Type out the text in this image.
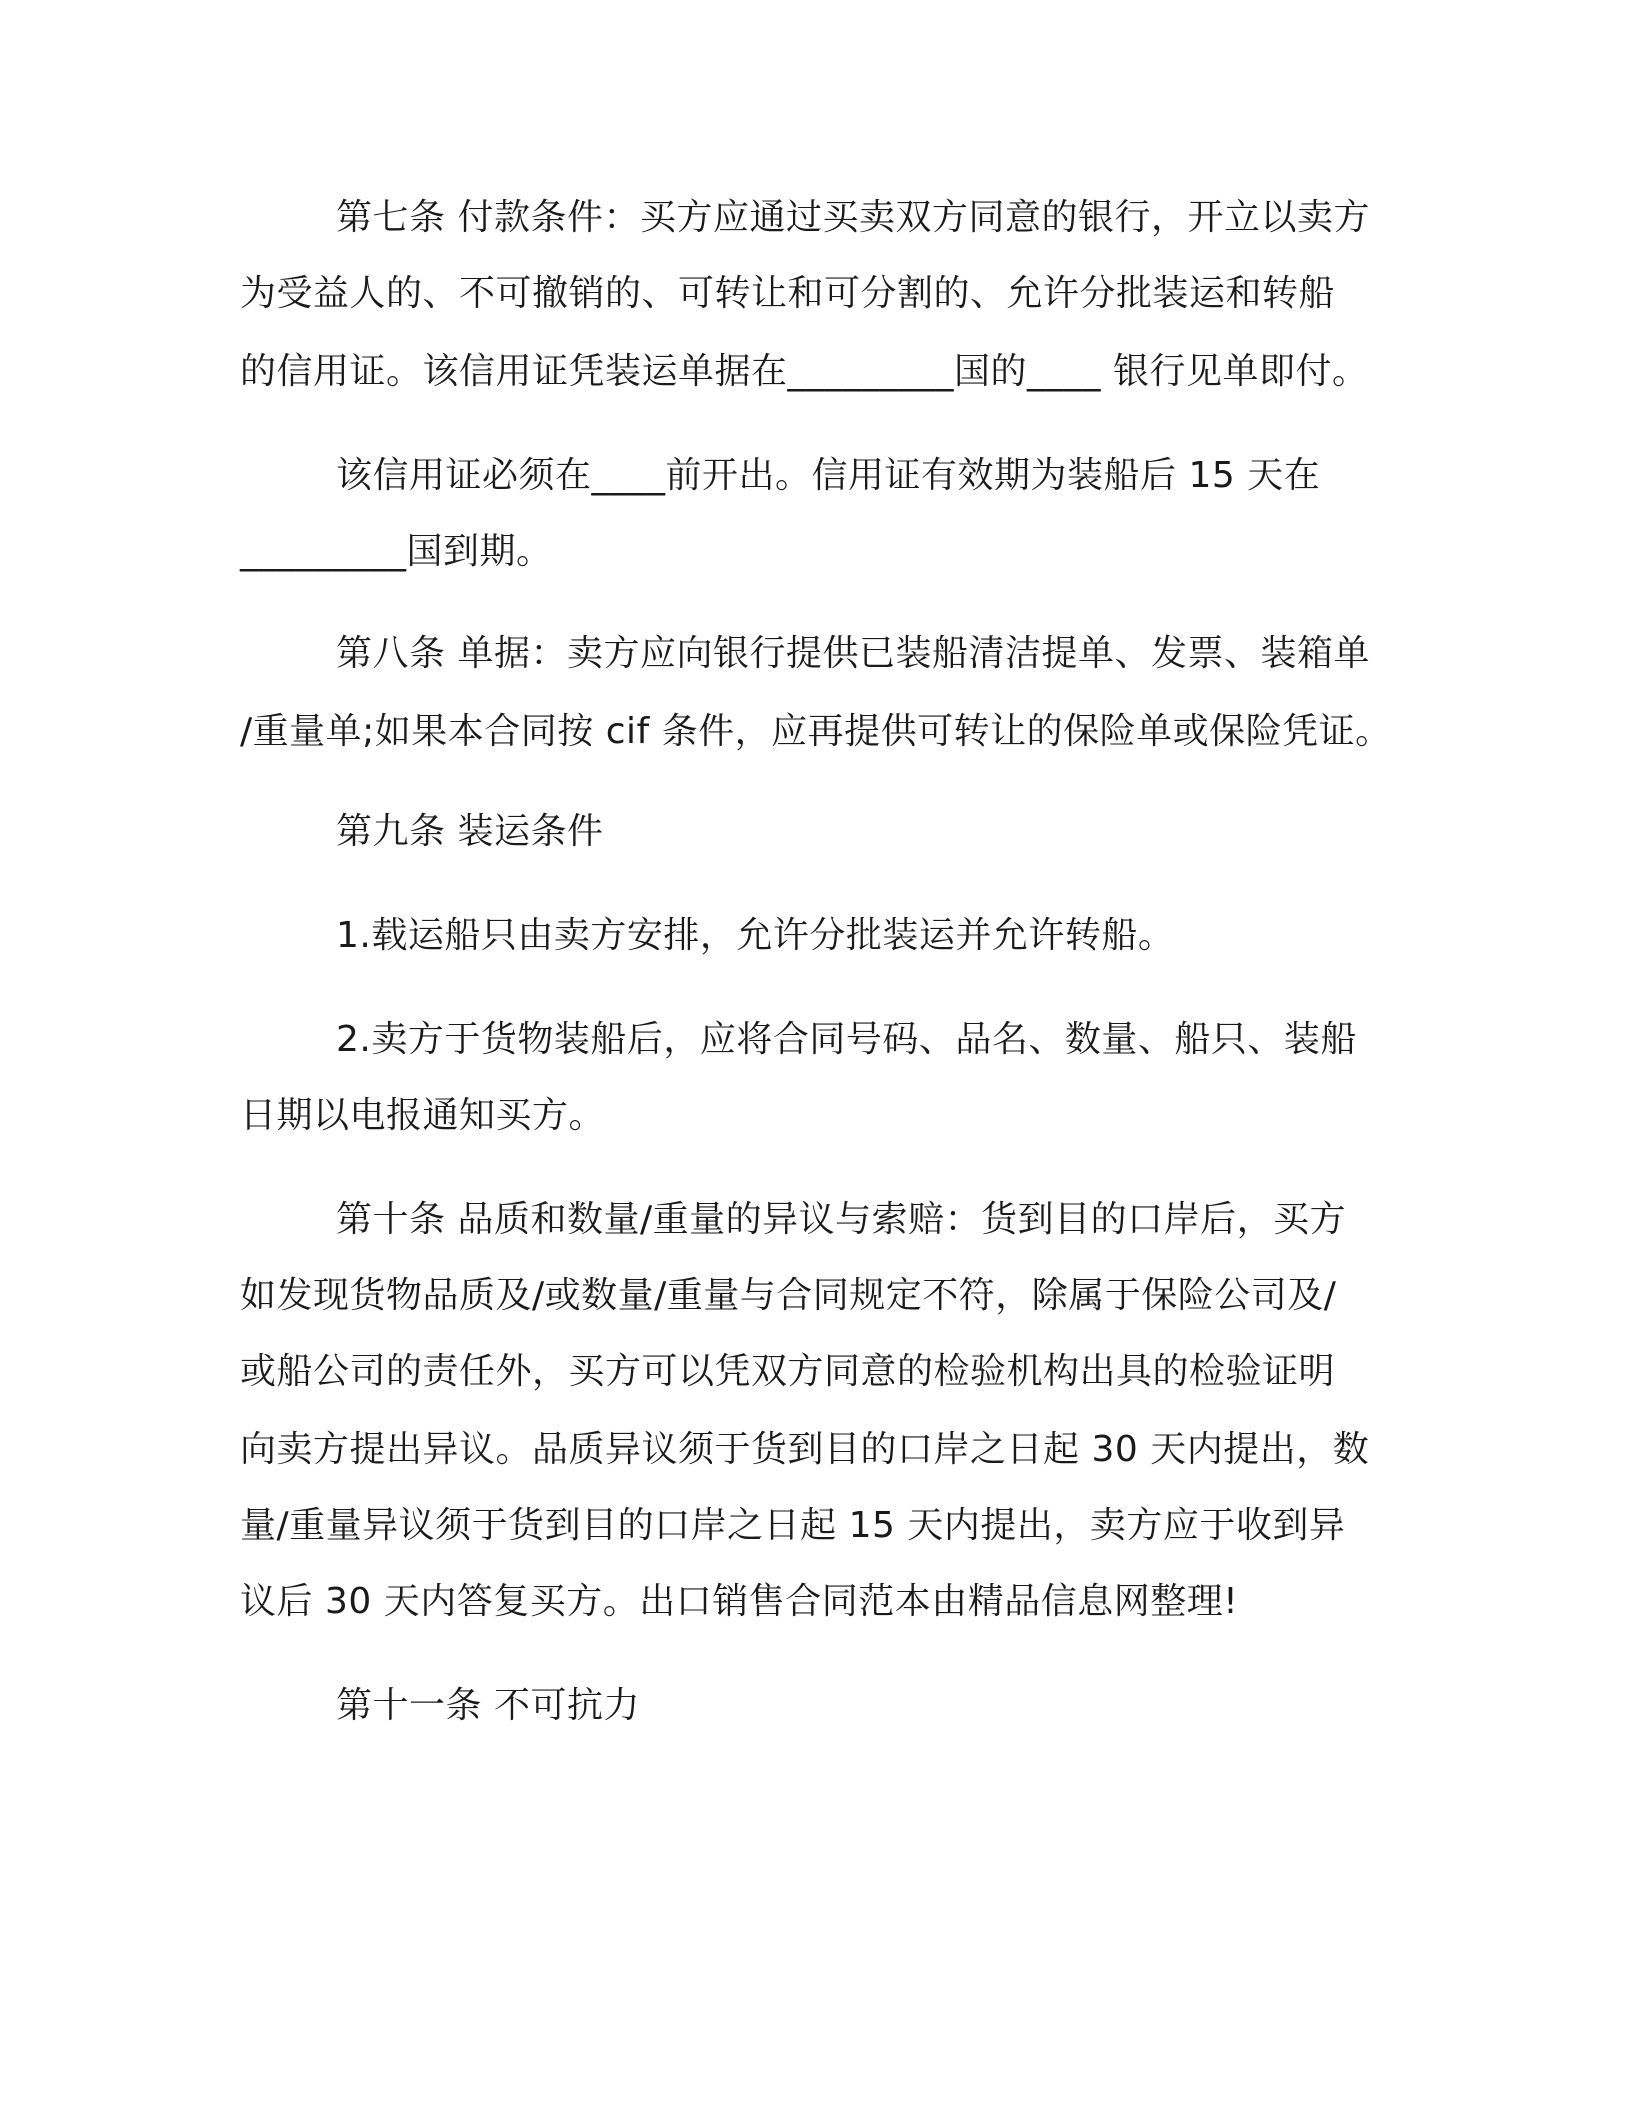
第七条 付款条件：买方应通过买卖双方同意的银行，开立以卖方
为受益人的、不可撤销的、可转让和可分割的、允许分批装运和转船
的信用证。该信用证凭装运单据在_________国的____ 银行见单即付。
该信用证必须在____前开出。信用证有效期为装船后 15 天在
_________国到期。
第八条 单据：卖方应向银行提供已装船清洁提单、发票、装箱单
/重量单;如果本合同按 cif 条件，应再提供可转让的保险单或保险凭证。
第九条 装运条件
1.载运船只由卖方安排，允许分批装运并允许转船。
2.卖方于货物装船后，应将合同号码、品名、数量、船只、装船
日期以电报通知买方。
第十条 品质和数量/重量的异议与索赔：货到目的口岸后，买方
如发现货物品质及/或数量/重量与合同规定不符，除属于保险公司及/
或船公司的责任外，买方可以凭双方同意的检验机构出具的检验证明
向卖方提出异议。品质异议须于货到目的口岸之日起 30 天内提出，数
量/重量异议须于货到目的口岸之日起 15 天内提出，卖方应于收到异
议后 30 天内答复买方。出口销售合同范本由精品信息网整理!
第十一条 不可抗力
